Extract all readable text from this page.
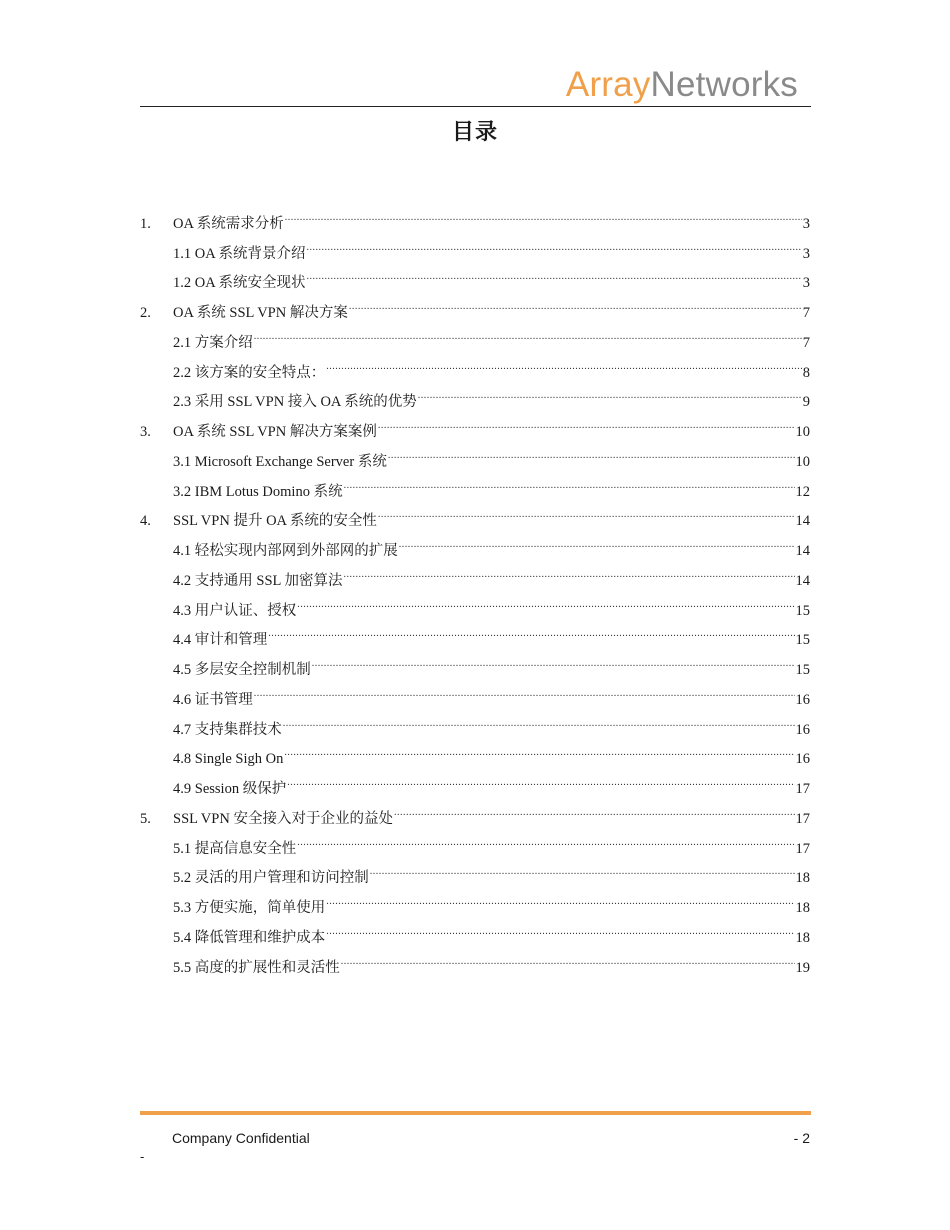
ArrayNetworks
目录
1.	OA 系统需求分析 .....	3
1.1 OA 系统背景介绍 .....	3
1.2 OA 系统安全现状 .....	3
2.	OA 系统 SSL VPN 解决方案 .....	7
2.1 方案介绍 .....	7
2.2 该方案的安全特点： .....	8
2.3 采用 SSL VPN 接入 OA 系统的优势 .....	9
3.	OA 系统 SSL VPN 解决方案案例 .....	10
3.1 Microsoft Exchange Server 系统 .....	10
3.2 IBM Lotus Domino 系统 .....	12
4.	SSL VPN 提升 OA 系统的安全性 .....	14
4.1 轻松实现内部网到外部网的扩展 .....	14
4.2 支持通用 SSL 加密算法 .....	14
4.3 用户认证、授权 .....	15
4.4 审计和管理 .....	15
4.5 多层安全控制机制 .....	15
4.6 证书管理 .....	16
4.7 支持集群技术 .....	16
4.8 Single Sigh On .....	16
4.9 Session 级保护 .....	17
5.	SSL VPN 安全接入对于企业的益处 .....	17
5.1 提高信息安全性 .....	17
5.2 灵活的用户管理和访问控制 .....	18
5.3 方便实施，简单使用 .....	18
5.4 降低管理和维护成本 .....	18
5.5 高度的扩展性和灵活性 .....	19
Company Confidential	- 2
-
